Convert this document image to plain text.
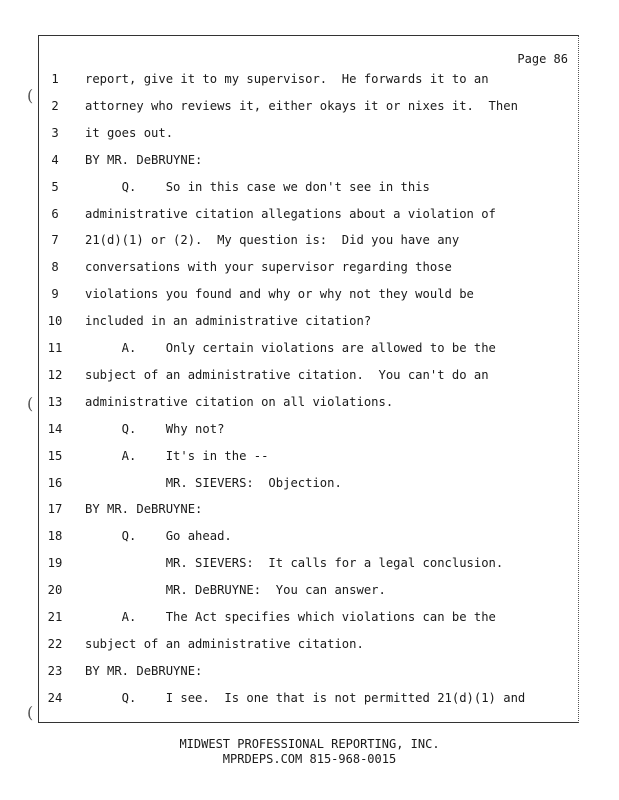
Page 86
1	report, give it to my supervisor.  He forwards it to an
2	attorney who reviews it, either okays it or nixes it.  Then
3	it goes out.
4	BY MR. DeBRUYNE:
5	Q.    So in this case we don't see in this
6	administrative citation allegations about a violation of
7	21(d)(1) or (2).  My question is:  Did you have any
8	conversations with your supervisor regarding those
9	violations you found and why or why not they would be
10	included in an administrative citation?
11	A.    Only certain violations are allowed to be the
12	subject of an administrative citation.  You can't do an
13	administrative citation on all violations.
14	Q.    Why not?
15	A.    It's in the --
16	MR. SIEVERS:  Objection.
17	BY MR. DeBRUYNE:
18	Q.    Go ahead.
19	MR. SIEVERS:  It calls for a legal conclusion.
20	MR. DeBRUYNE:  You can answer.
21	A.    The Act specifies which violations can be the
22	subject of an administrative citation.
23	BY MR. DeBRUYNE:
24	Q.    I see.  Is one that is not permitted 21(d)(1) and
(
(
(
MIDWEST PROFESSIONAL REPORTING, INC.
MPRDEPS.COM 815-968-0015
